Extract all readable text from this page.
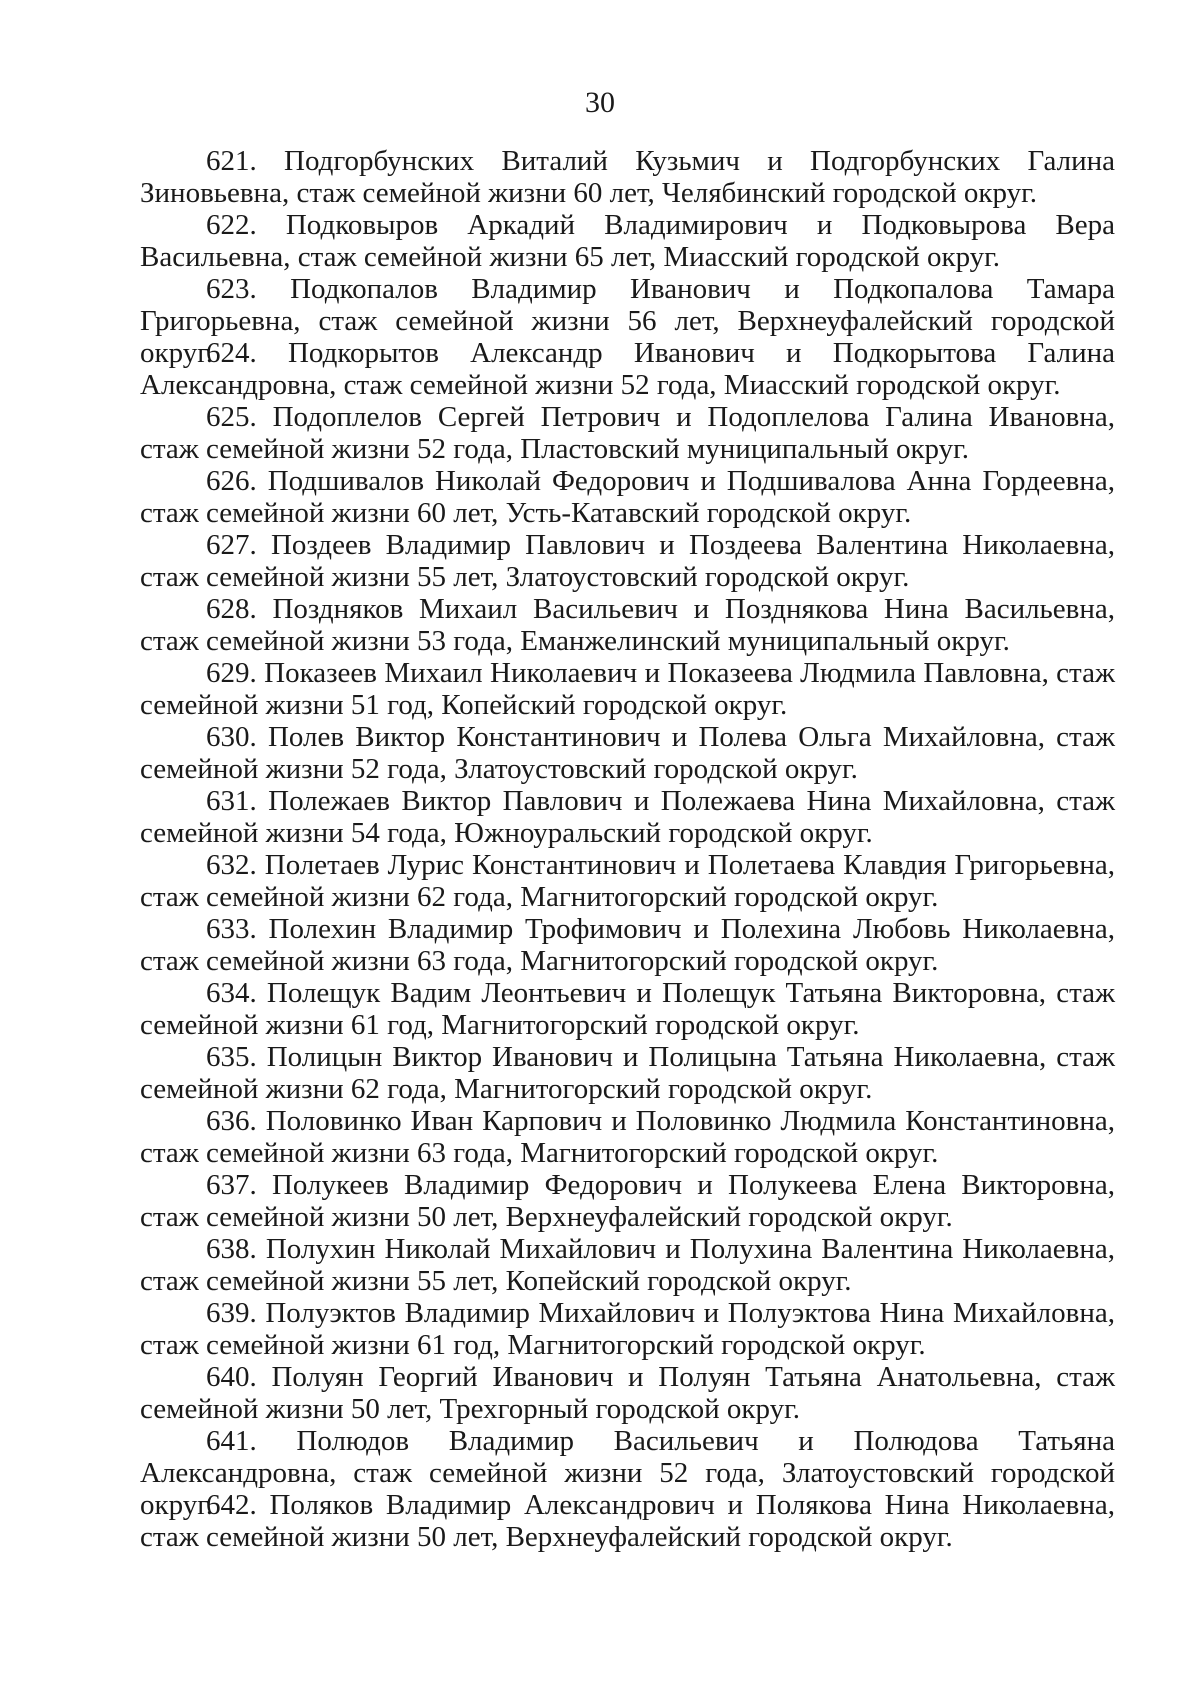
30

621. Подгорбунских Виталий Кузьмич и Подгорбунских Галина Зиновьевна, стаж семейной жизни 60 лет, Челябинский городской округ.

622. Подковыров Аркадий Владимирович и Подковырова Вера Васильевна, стаж семейной жизни 65 лет, Миасский городской округ.

623. Подкопалов Владимир Иванович и Подкопалова Тамара Григорьевна, стаж семейной жизни 56 лет, Верхнеуфалейский городской округ.

624. Подкорытов Александр Иванович и Подкорытова Галина Александровна, стаж семейной жизни 52 года, Миасский городской округ.

625. Подоплелов Сергей Петрович и Подоплелова Галина Ивановна, стаж семейной жизни 52 года, Пластовский муниципальный округ.

626. Подшивалов Николай Федорович и Подшивалова Анна Гордеевна, стаж семейной жизни 60 лет, Усть-Катавский городской округ.

627. Поздеев Владимир Павлович и Поздеева Валентина Николаевна, стаж семейной жизни 55 лет, Златоустовский городской округ.

628. Поздняков Михаил Васильевич и Позднякова Нина Васильевна, стаж семейной жизни 53 года, Еманжелинский муниципальный округ.

629. Показеев Михаил Николаевич и Показеева Людмила Павловна, стаж семейной жизни 51 год, Копейский городской округ.

630. Полев Виктор Константинович и Полева Ольга Михайловна, стаж семейной жизни 52 года, Златоустовский городской округ.

631. Полежаев Виктор Павлович и Полежаева Нина Михайловна, стаж семейной жизни 54 года, Южноуральский городской округ.

632. Полетаев Лурис Константинович и Полетаева Клавдия Григорьевна, стаж семейной жизни 62 года, Магнитогорский городской округ.

633. Полехин Владимир Трофимович и Полехина Любовь Николаевна, стаж семейной жизни 63 года, Магнитогорский городской округ.

634. Полещук Вадим Леонтьевич и Полещук Татьяна Викторовна, стаж семейной жизни 61 год, Магнитогорский городской округ.

635. Полицын Виктор Иванович и Полицына Татьяна Николаевна, стаж семейной жизни 62 года, Магнитогорский городской округ.

636. Половинко Иван Карпович и Половинко Людмила Константиновна, стаж семейной жизни 63 года, Магнитогорский городской округ.

637. Полукеев Владимир Федорович и Полукеева Елена Викторовна, стаж семейной жизни 50 лет, Верхнеуфалейский городской округ.

638. Полухин Николай Михайлович и Полухина Валентина Николаевна, стаж семейной жизни 55 лет, Копейский городской округ.

639. Полуэктов Владимир Михайлович и Полуэктова Нина Михайловна, стаж семейной жизни 61 год, Магнитогорский городской округ.

640. Полуян Георгий Иванович и Полуян Татьяна Анатольевна, стаж семейной жизни 50 лет, Трехгорный городской округ.

641. Полюдов Владимир Васильевич и Полюдова Татьяна Александровна, стаж семейной жизни 52 года, Златоустовский городской округ.

642. Поляков Владимир Александрович и Полякова Нина Николаевна, стаж семейной жизни 50 лет, Верхнеуфалейский городской округ.
